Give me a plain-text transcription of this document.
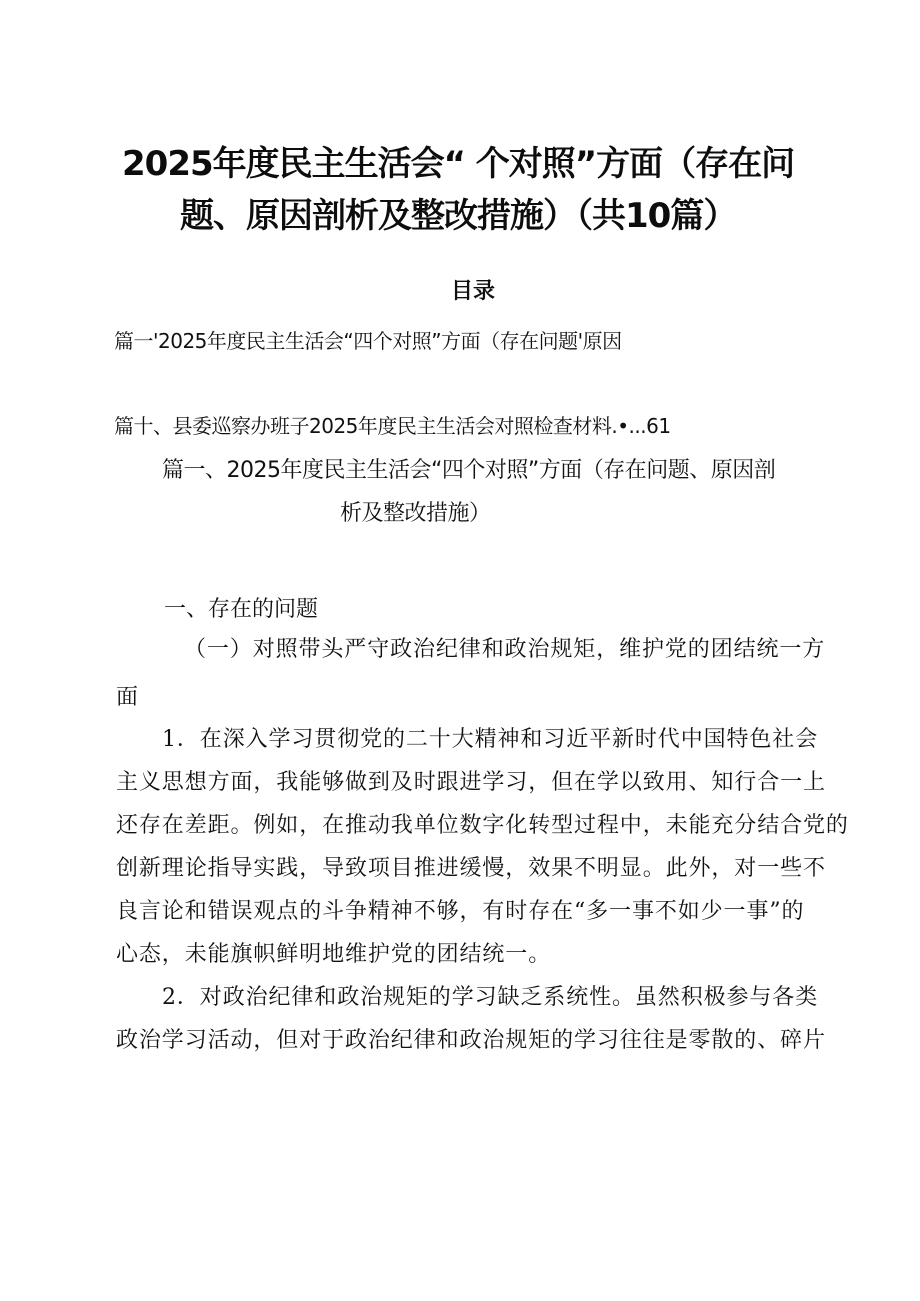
2025年度民主生活会“ 个对照”方面（存在问

题、原因剖析及整改措施）（共10篇）

目录

篇一'2025年度民主生活会“四个对照”方面（存在问题'原因

篇十、县委巡察办班子2025年度民主生活会对照检查材料.•...61

篇一、2025年度民主生活会“四个对照”方面（存在问题、原因剖

析及整改措施）

一、存在的问题

（一）对照带头严守政治纪律和政治规矩，维护党的团结统一方

面

1．在深入学习贯彻党的二十大精神和习近平新时代中国特色社会

主义思想方面，我能够做到及时跟进学习，但在学以致用、知行合一上

还存在差距。例如，在推动我单位数字化转型过程中，未能充分结合党的

创新理论指导实践，导致项目推进缓慢，效果不明显。此外，对一些不

良言论和错误观点的斗争精神不够，有时存在“多一事不如少一事”的

心态，未能旗帜鲜明地维护党的团结统一。

2．对政治纪律和政治规矩的学习缺乏系统性。虽然积极参与各类

政治学习活动，但对于政治纪律和政治规矩的学习往往是零散的、碎片
